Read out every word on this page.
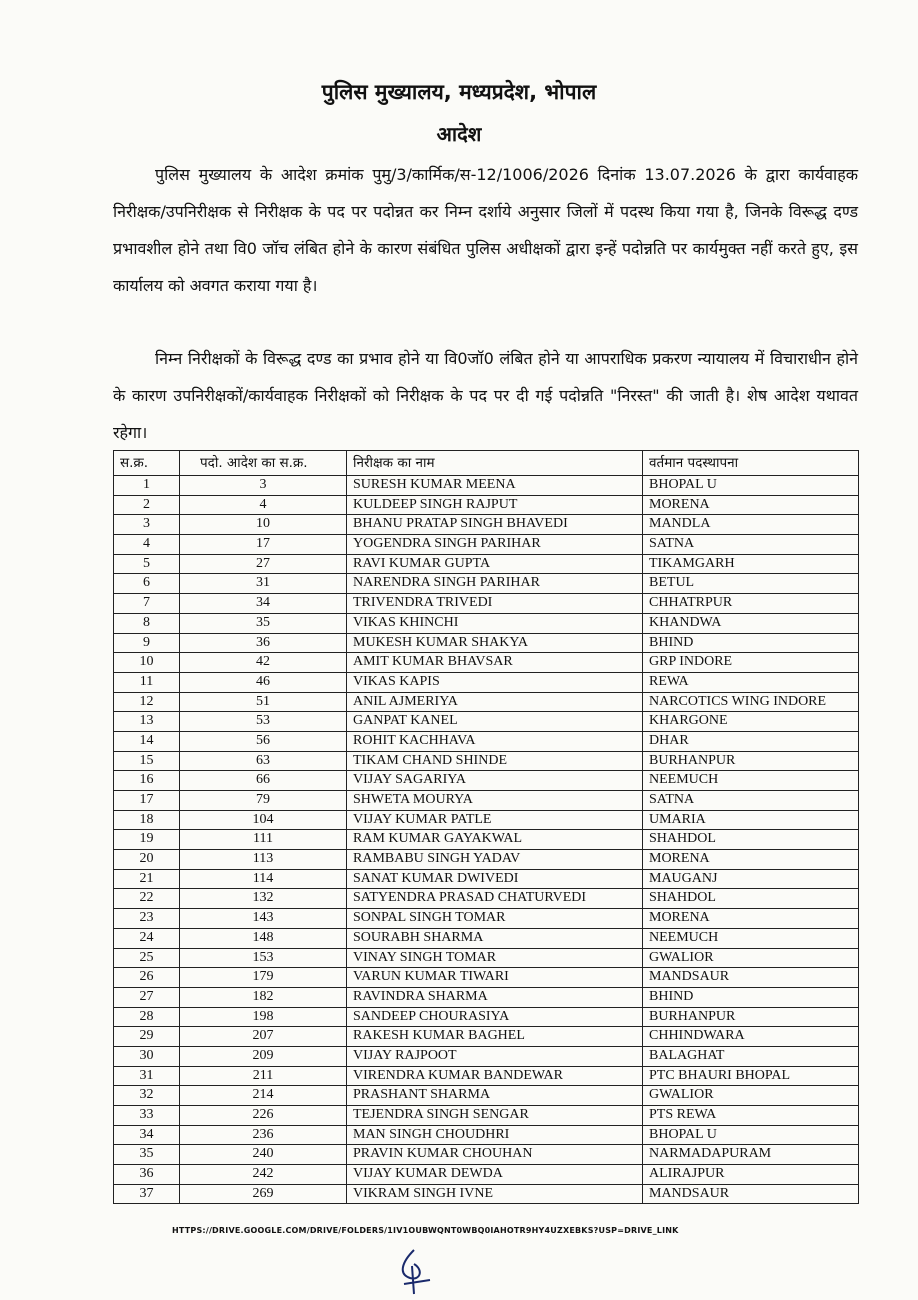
पुलिस मुख्यालय, मध्यप्रदेश, भोपाल
आदेश

पुलिस मुख्यालय के आदेश क्रमांक पुमु/3/कार्मिक/स-12/1006/2026 दिनांक 13.07.2026 के द्वारा कार्यवाहक निरीक्षक/उपनिरीक्षक से निरीक्षक के पद पर पदोन्नत कर निम्न दर्शाये अनुसार जिलों में पदस्थ किया गया है, जिनके विरूद्ध दण्ड प्रभावशील होने तथा वि0 जॉच लंबित होने के कारण संबंधित पुलिस अधीक्षकों द्वारा इन्हें पदोन्नति पर कार्यमुक्त नहीं करते हुए, इस कार्यालय को अवगत कराया गया है।

निम्न निरीक्षकों के विरूद्ध दण्ड का प्रभाव होने या वि0जॉ0 लंबित होने या आपराधिक प्रकरण न्यायालय में विचाराधीन होने के कारण उपनिरीक्षकों/कार्यवाहक निरीक्षकों को निरीक्षक के पद पर दी गई पदोन्नति "निरस्त" की जाती है। शेष आदेश यथावत रहेगा।

स.क्र.	पदो. आदेश का स.क्र.	निरीक्षक का नाम	वर्तमान पदस्थापना
1	3	SURESH KUMAR MEENA	BHOPAL U
2	4	KULDEEP SINGH RAJPUT	MORENA
3	10	BHANU PRATAP SINGH BHAVEDI	MANDLA
4	17	YOGENDRA SINGH PARIHAR	SATNA
5	27	RAVI KUMAR GUPTA	TIKAMGARH
6	31	NARENDRA SINGH PARIHAR	BETUL
7	34	TRIVENDRA TRIVEDI	CHHATRPUR
8	35	VIKAS KHINCHI	KHANDWA
9	36	MUKESH KUMAR SHAKYA	BHIND
10	42	AMIT KUMAR BHAVSAR	GRP INDORE
11	46	VIKAS KAPIS	REWA
12	51	ANIL AJMERIYA	NARCOTICS WING INDORE
13	53	GANPAT KANEL	KHARGONE
14	56	ROHIT KACHHAVA	DHAR
15	63	TIKAM CHAND SHINDE	BURHANPUR
16	66	VIJAY SAGARIYA	NEEMUCH
17	79	SHWETA MOURYA	SATNA
18	104	VIJAY KUMAR PATLE	UMARIA
19	111	RAM KUMAR GAYAKWAL	SHAHDOL
20	113	RAMBABU SINGH YADAV	MORENA
21	114	SANAT KUMAR DWIVEDI	MAUGANJ
22	132	SATYENDRA PRASAD CHATURVEDI	SHAHDOL
23	143	SONPAL SINGH TOMAR	MORENA
24	148	SOURABH SHARMA	NEEMUCH
25	153	VINAY SINGH TOMAR	GWALIOR
26	179	VARUN KUMAR TIWARI	MANDSAUR
27	182	RAVINDRA SHARMA	BHIND
28	198	SANDEEP CHOURASIYA	BURHANPUR
29	207	RAKESH KUMAR BAGHEL	CHHINDWARA
30	209	VIJAY RAJPOOT	BALAGHAT
31	211	VIRENDRA KUMAR BANDEWAR	PTC BHAURI BHOPAL
32	214	PRASHANT SHARMA	GWALIOR
33	226	TEJENDRA SINGH SENGAR	PTS REWA
34	236	MAN SINGH CHOUDHRI	BHOPAL U
35	240	PRAVIN KUMAR CHOUHAN	NARMADAPURAM
36	242	VIJAY KUMAR DEWDA	ALIRAJPUR
37	269	VIKRAM SINGH IVNE	MANDSAUR
HTTPS://DRIVE.GOOGLE.COM/DRIVE/FOLDERS/1IV1OUBWQNT0WBQ0IAHOTR9HY4UZXEBKS?USP=DRIVE_LINK
